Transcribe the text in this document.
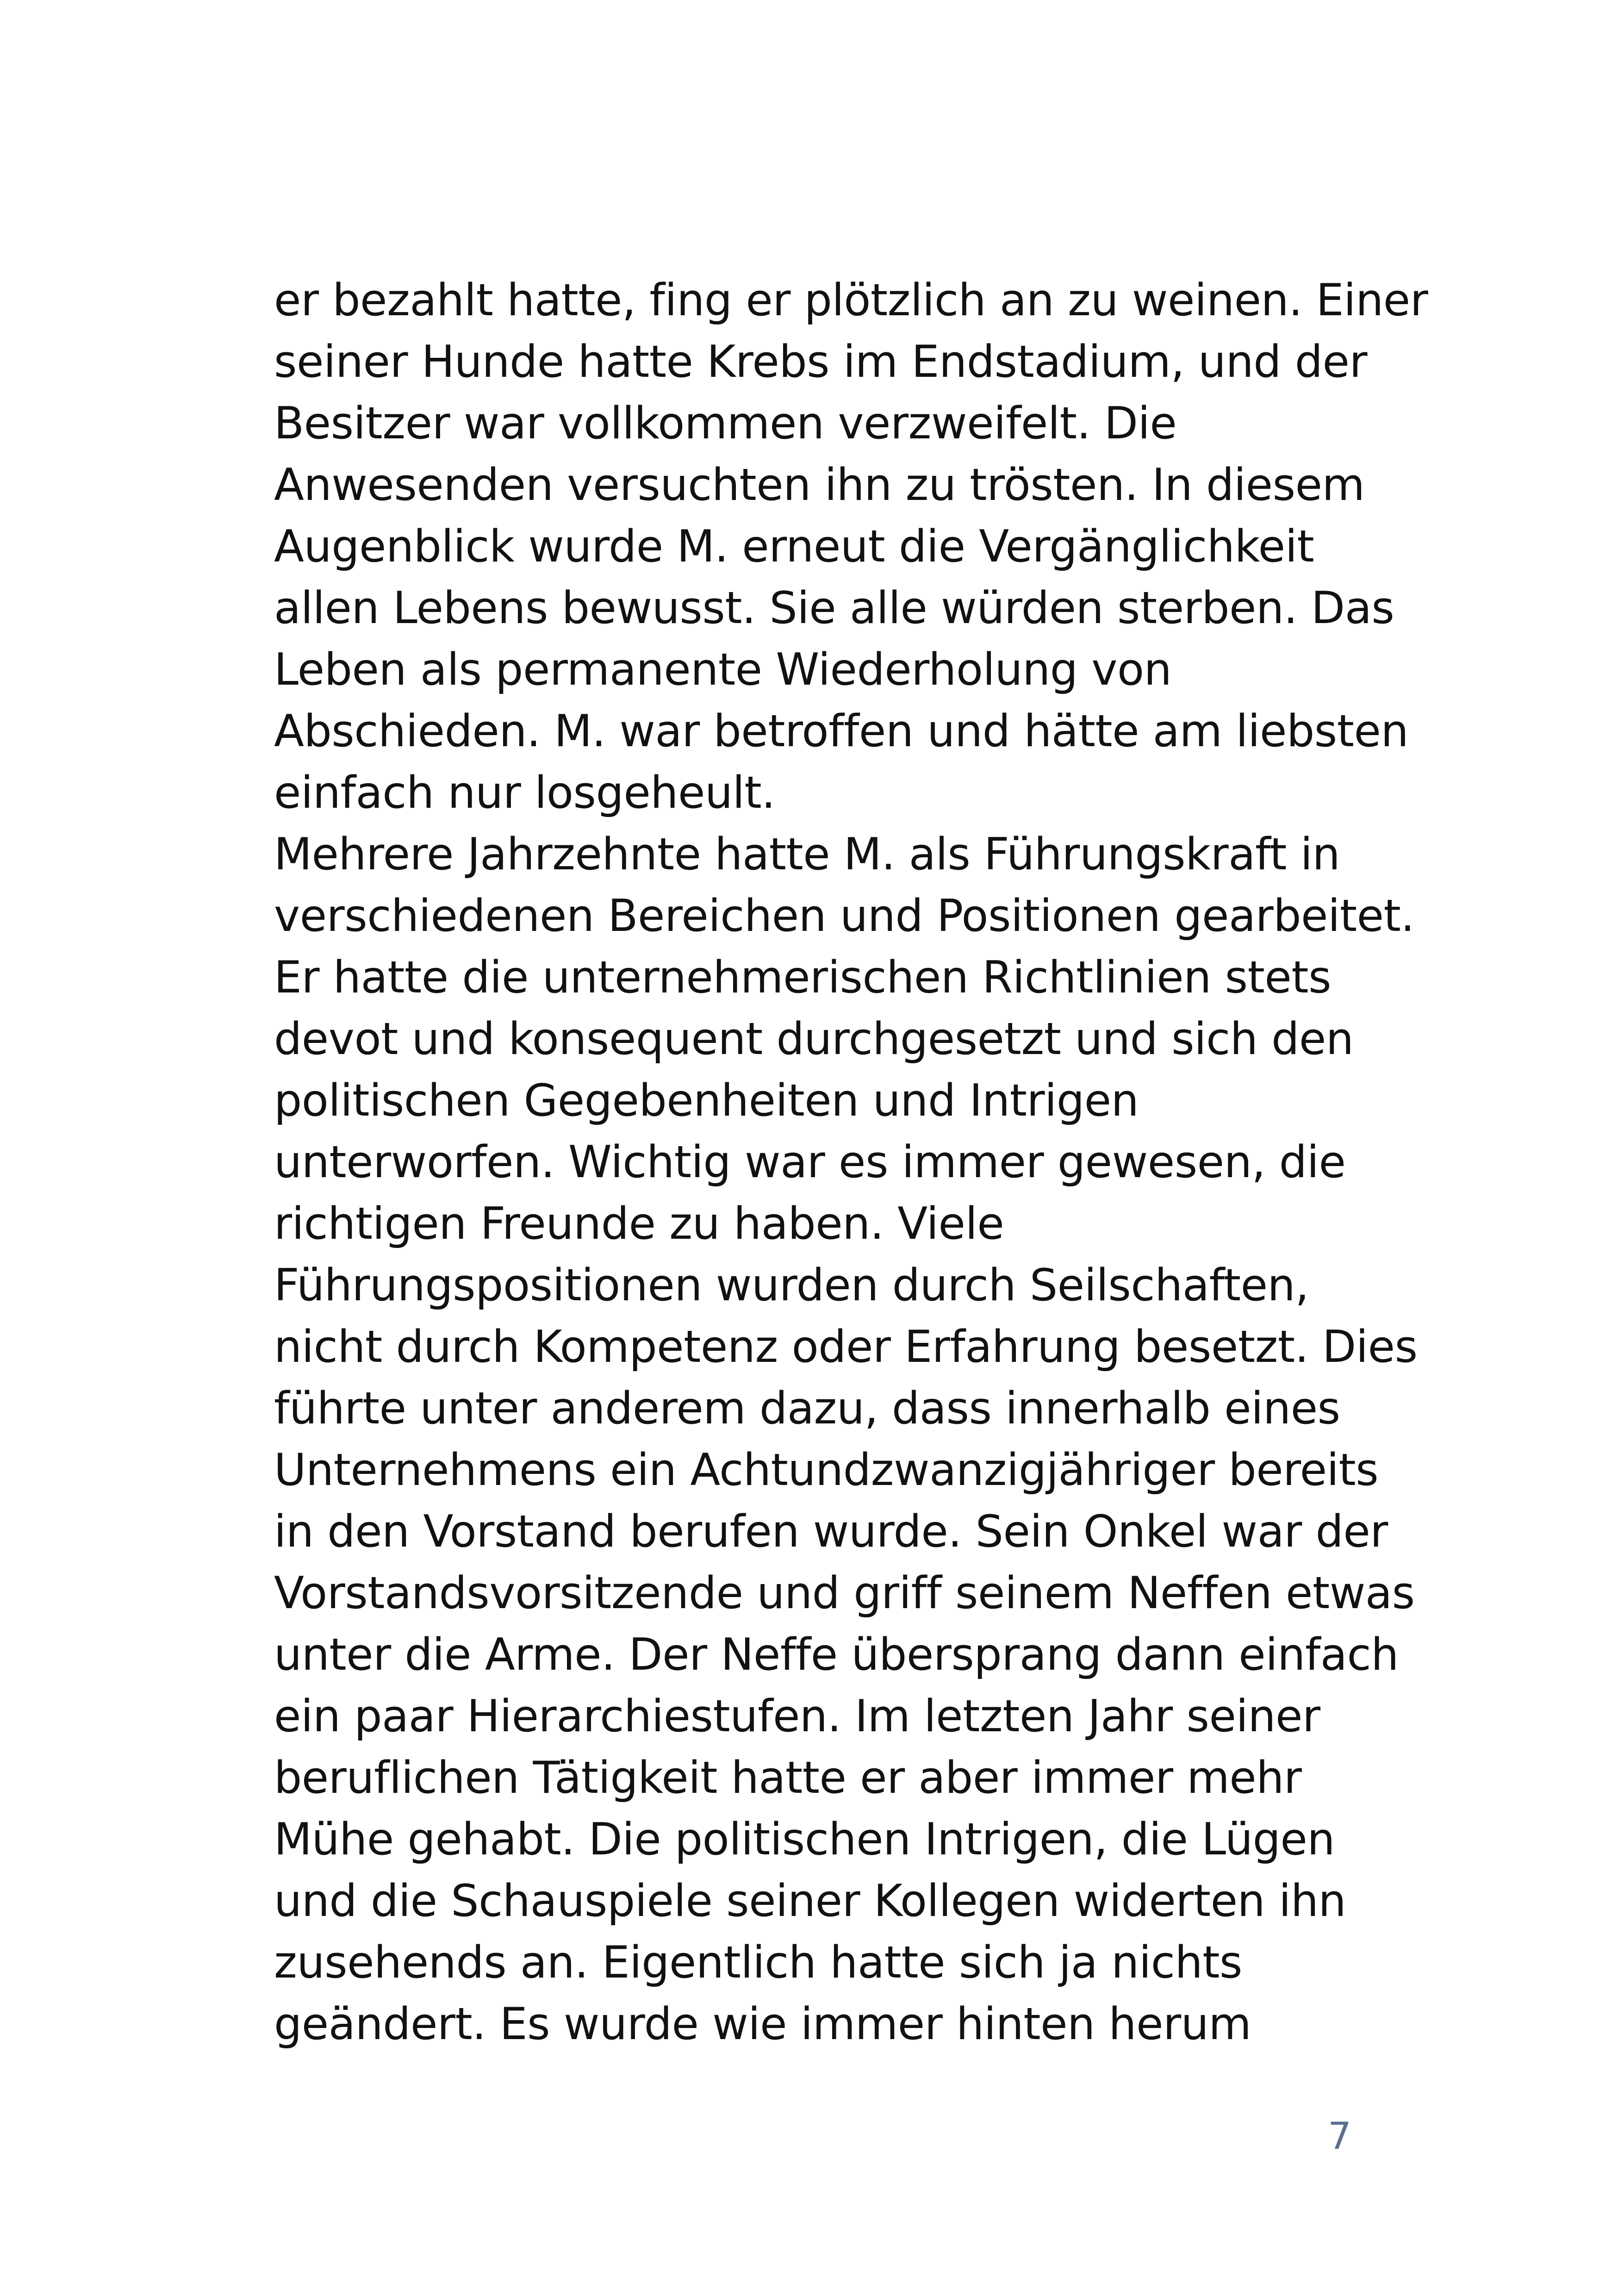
er bezahlt hatte, fing er plötzlich an zu weinen. Einer
seiner Hunde hatte Krebs im Endstadium, und der
Besitzer war vollkommen verzweifelt. Die
Anwesenden versuchten ihn zu trösten. In diesem
Augenblick wurde M. erneut die Vergänglichkeit
allen Lebens bewusst. Sie alle würden sterben. Das
Leben als permanente Wiederholung von
Abschieden. M. war betroffen und hätte am liebsten
einfach nur losgeheult.
Mehrere Jahrzehnte hatte M. als Führungskraft in
verschiedenen Bereichen und Positionen gearbeitet.
Er hatte die unternehmerischen Richtlinien stets
devot und konsequent durchgesetzt und sich den
politischen Gegebenheiten und Intrigen
unterworfen. Wichtig war es immer gewesen, die
richtigen Freunde zu haben. Viele
Führungspositionen wurden durch Seilschaften,
nicht durch Kompetenz oder Erfahrung besetzt. Dies
führte unter anderem dazu, dass innerhalb eines
Unternehmens ein Achtundzwanzigjähriger bereits
in den Vorstand berufen wurde. Sein Onkel war der
Vorstandsvorsitzende und griff seinem Neffen etwas
unter die Arme. Der Neffe übersprang dann einfach
ein paar Hierarchiestufen. Im letzten Jahr seiner
beruflichen Tätigkeit hatte er aber immer mehr
Mühe gehabt. Die politischen Intrigen, die Lügen
und die Schauspiele seiner Kollegen widerten ihn
zusehends an. Eigentlich hatte sich ja nichts
geändert. Es wurde wie immer hinten herum
7
